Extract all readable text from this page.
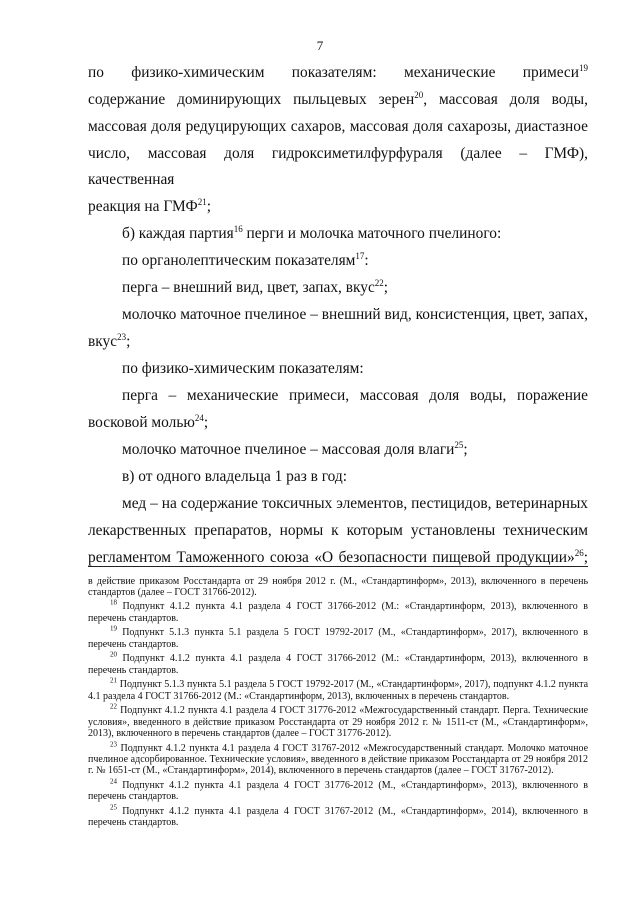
7

по физико-химическим показателям: механические примеси$^{19}$

содержание доминирующих пыльцевых зерен$^{20}$, массовая доля воды,

массовая доля редуцирующих сахаров, массовая доля сахарозы, диастазное

число, массовая доля гидроксиметилфурфураля (далее – ГМФ), качественная

реакция на ГМФ$^{21}$;

б) каждая партия$^{16}$ перги и молочка маточного пчелиного:

по органолептическим показателям$^{17}$:

перга – внешний вид, цвет, запах, вкус$^{22}$;

молочко маточное пчелиное – внешний вид, консистенция, цвет, запах,

вкус$^{23}$;

по физико-химическим показателям:

перга – механические примеси, массовая доля воды, поражение

восковой молью$^{24}$;

молочко маточное пчелиное – массовая доля влаги$^{25}$;

в) от одного владельца 1 раз в год:

мед – на содержание токсичных элементов, пестицидов, ветеринарных

лекарственных препаратов, нормы к которым установлены техническим

регламентом Таможенного союза «О безопасности пищевой продукции»$^{26}$;

в действие приказом Росстандарта от 29 ноября 2012 г. (М., «Стандартинформ», 2013), включенного в перечень стандартов (далее – ГОСТ 31766-2012).

$^{18}$ Подпункт 4.1.2 пункта 4.1 раздела 4 ГОСТ 31766-2012 (М.: «Стандартинформ, 2013), включенного в перечень стандартов.

$^{19}$ Подпункт 5.1.3 пункта 5.1 раздела 5 ГОСТ 19792-2017 (М., «Стандартинформ», 2017), включенного в перечень стандартов.

$^{20}$ Подпункт 4.1.2 пункта 4.1 раздела 4 ГОСТ 31766-2012 (М.: «Стандартинформ, 2013), включенного в перечень стандартов.

$^{21}$ Подпункт 5.1.3 пункта 5.1 раздела 5 ГОСТ 19792-2017 (М., «Стандартинформ», 2017), подпункт 4.1.2 пункта 4.1 раздела 4 ГОСТ 31766-2012 (М.: «Стандартинформ, 2013), включенных в перечень стандартов.

$^{22}$ Подпункт 4.1.2 пункта 4.1 раздела 4 ГОСТ 31776-2012 «Межгосударственный стандарт. Перга. Технические условия», введенного в действие приказом Росстандарта от 29 ноября 2012 г. № 1511-ст (М., «Стандартинформ», 2013), включенного в перечень стандартов (далее – ГОСТ 31776-2012).

$^{23}$ Подпункт 4.1.2 пункта 4.1 раздела 4 ГОСТ 31767-2012 «Межгосударственный стандарт. Молочко маточное пчелиное адсорбированное. Технические условия», введенного в действие приказом Росстандарта от 29 ноября 2012 г. № 1651-ст (М., «Стандартинформ», 2014), включенного в перечень стандартов (далее – ГОСТ 31767-2012).

$^{24}$ Подпункт 4.1.2 пункта 4.1 раздела 4 ГОСТ 31776-2012 (М., «Стандартинформ», 2013), включенного в перечень стандартов.

$^{25}$ Подпункт 4.1.2 пункта 4.1 раздела 4 ГОСТ 31767-2012 (М., «Стандартинформ», 2014), включенного в перечень стандартов.
